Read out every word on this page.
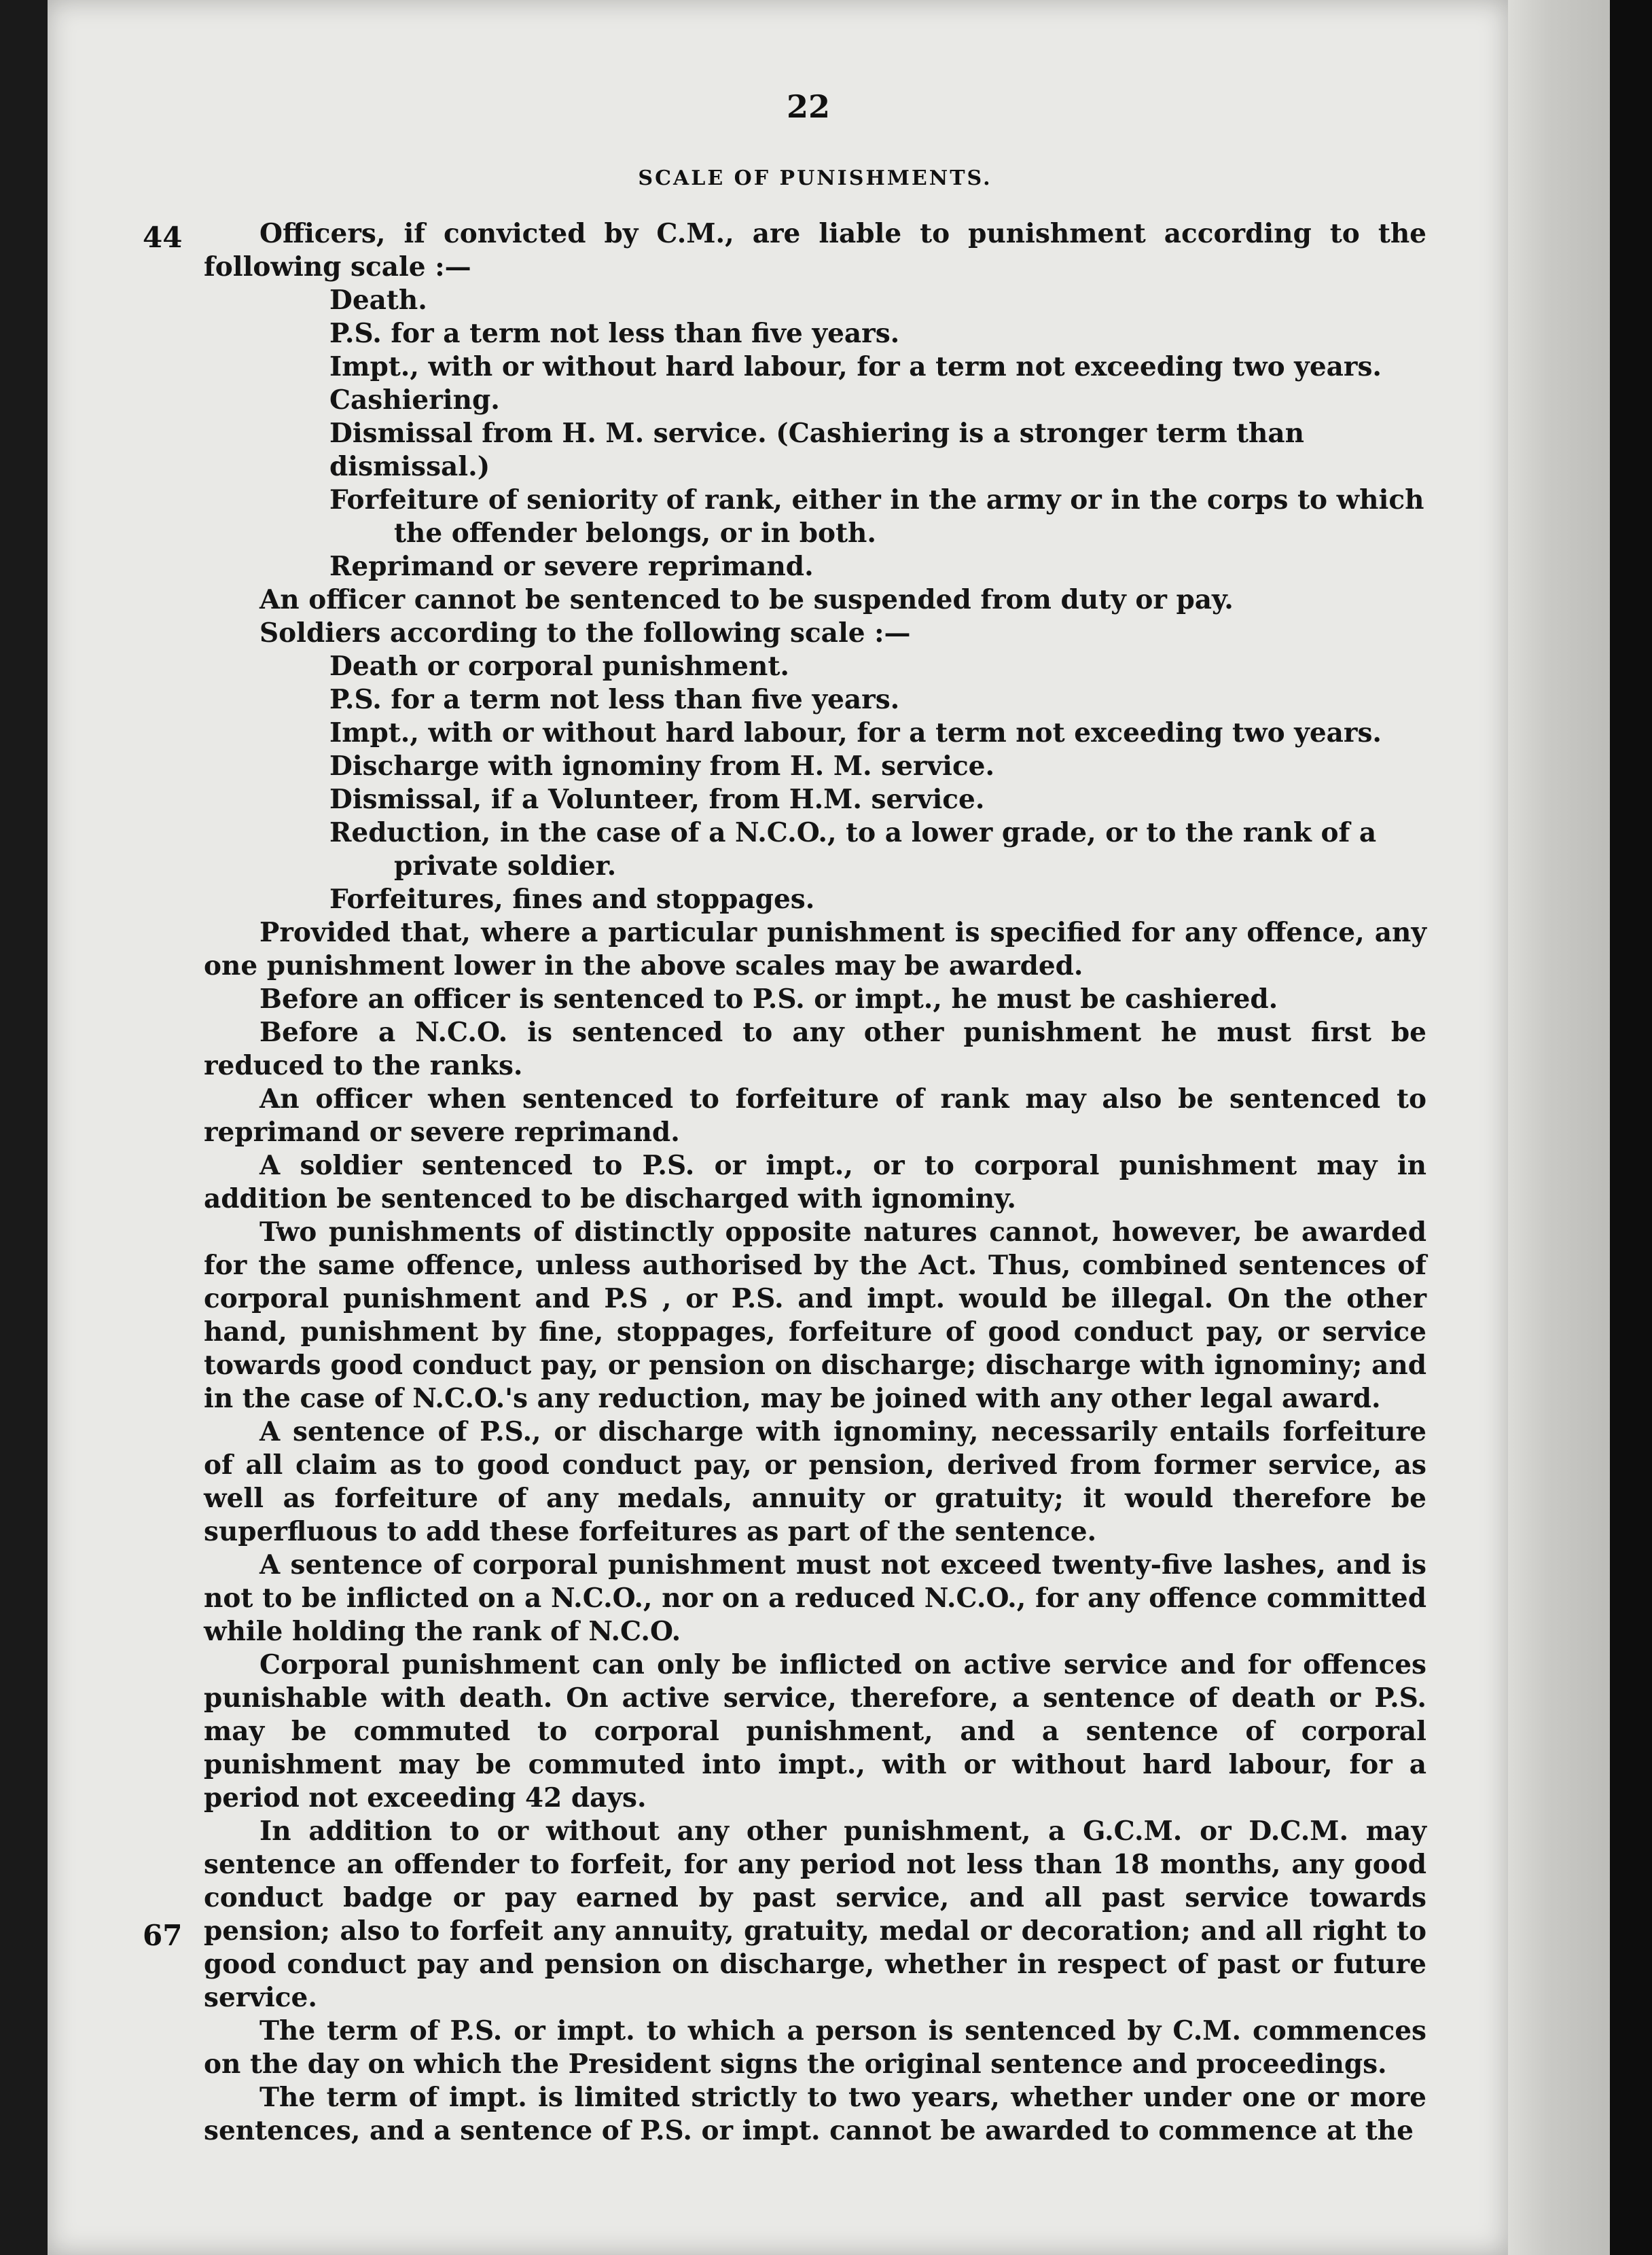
22
SCALE OF PUNISHMENTS.
44
67

Officers, if convicted by C.M., are liable to punishment according to the following scale :—

Death.
P.S. for a term not less than five years.
Impt., with or without hard labour, for a term not exceeding two years.
Cashiering.
Dismissal from H. M. service. (Cashiering is a stronger term than dismissal.)
Forfeiture of seniority of rank, either in the army or in the corps to which
the offender belongs, or in both.
Reprimand or severe reprimand.

An officer cannot be sentenced to be suspended from duty or pay.

Soldiers according to the following scale :—

Death or corporal punishment.
P.S. for a term not less than five years.
Impt., with or without hard labour, for a term not exceeding two years.
Discharge with ignominy from H. M. service.
Dismissal, if a Volunteer, from H.M. service.
Reduction, in the case of a N.C.O., to a lower grade, or to the rank of a
private soldier.
Forfeitures, fines and stoppages.

Provided that, where a particular punishment is specified for any offence, any one punishment lower in the above scales may be awarded.

Before an officer is sentenced to P.S. or impt., he must be cashiered.

Before a N.C.O. is sentenced to any other punishment he must first be reduced to the ranks.

An officer when sentenced to forfeiture of rank may also be sentenced to reprimand or severe reprimand.

A soldier sentenced to P.S. or impt., or to corporal punishment may in addition be sentenced to be discharged with ignominy.

Two punishments of distinctly opposite natures cannot, however, be awarded for the same offence, unless authorised by the Act. Thus, combined sentences of corporal punishment and P.S , or P.S. and impt. would be illegal. On the other hand, punishment by fine, stoppages, forfeiture of good conduct pay, or service towards good conduct pay, or pension on discharge; discharge with ignominy; and in the case of N.C.O.'s any reduction, may be joined with any other legal award.

A sentence of P.S., or discharge with ignominy, necessarily entails forfeiture of all claim as to good conduct pay, or pension, derived from former service, as well as forfeiture of any medals, annuity or gratuity; it would therefore be superfluous to add these forfeitures as part of the sentence.

A sentence of corporal punishment must not exceed twenty-five lashes, and is not to be inflicted on a N.C.O., nor on a reduced N.C.O., for any offence committed while holding the rank of N.C.O.

Corporal punishment can only be inflicted on active service and for offences punishable with death. On active service, therefore, a sentence of death or P.S. may be commuted to corporal punishment, and a sentence of corporal punishment may be commuted into impt., with or without hard labour, for a period not exceeding 42 days.

In addition to or without any other punishment, a G.C.M. or D.C.M. may sentence an offender to forfeit, for any period not less than 18 months, any good conduct badge or pay earned by past service, and all past service towards pension; also to forfeit any annuity, gratuity, medal or decoration; and all right to good conduct pay and pension on discharge, whether in respect of past or future service.

The term of P.S. or impt. to which a person is sentenced by C.M. commences on the day on which the President signs the original sentence and proceedings.

The term of impt. is limited strictly to two years, whether under one or more sentences, and a sentence of P.S. or impt. cannot be awarded to commence at the
